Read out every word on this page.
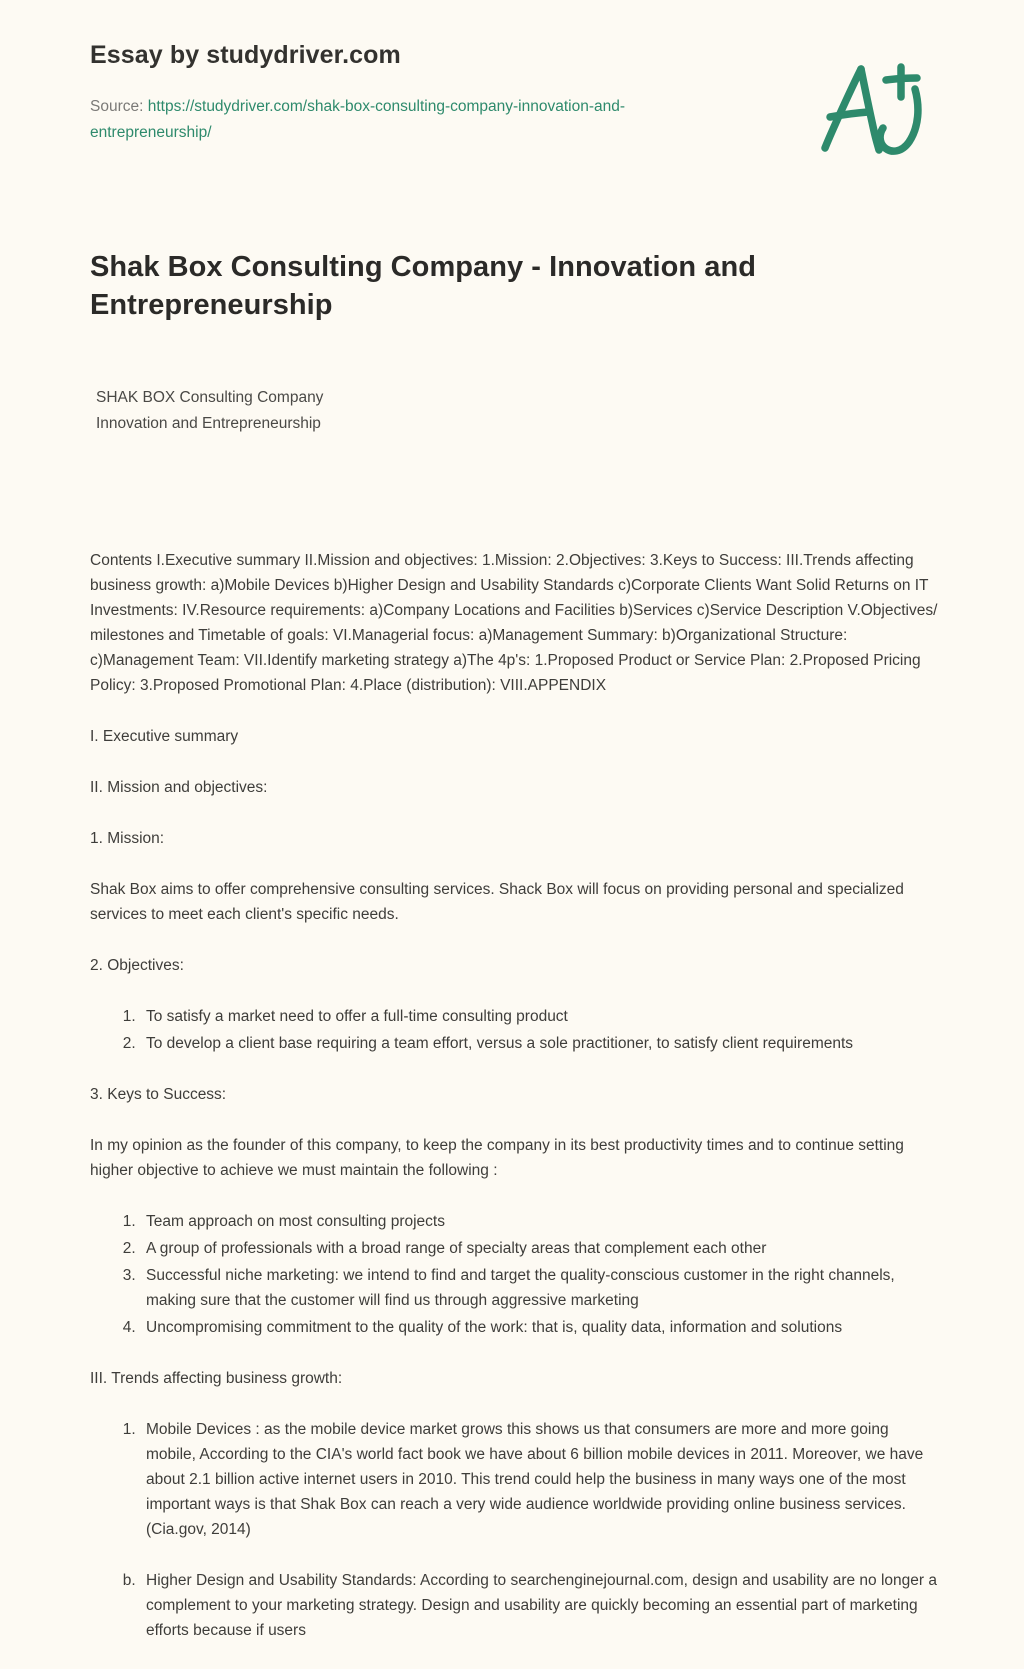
Essay by studydriver.com
Source: https://studydriver.com/shak-box-consulting-company-innovation-and-entrepreneurship/
Shak Box Consulting Company - Innovation and Entrepreneurship
SHAK BOX Consulting Company
Innovation and Entrepreneurship

Contents I.Executive summary II.Mission and objectives: 1.Mission: 2.Objectives: 3.Keys to Success: III.Trends affecting business growth: a)Mobile Devices b)Higher Design and Usability Standards c)Corporate Clients Want Solid Returns on IT Investments: IV.Resource requirements: a)Company Locations and Facilities b)Services c)Service Description V.Objectives/ milestones and Timetable of goals: VI.Managerial focus: a)Management Summary: b)Organizational Structure: c)Management Team: VII.Identify marketing strategy a)The 4p's: 1.Proposed Product or Service Plan: 2.Proposed Pricing Policy: 3.Proposed Promotional Plan: 4.Place (distribution): VIII.APPENDIX

I. Executive summary

II. Mission and objectives:

1. Mission:

Shak Box aims to offer comprehensive consulting services. Shack Box will focus on providing personal and specialized services to meet each client's specific needs.

2. Objectives:

1. To satisfy a market need to offer a full-time consulting product
2. To develop a client base requiring a team effort, versus a sole practitioner, to satisfy client requirements

3. Keys to Success:

In my opinion as the founder of this company, to keep the company in its best productivity times and to continue setting higher objective to achieve we must maintain the following :

1. Team approach on most consulting projects
2. A group of professionals with a broad range of specialty areas that complement each other
3. Successful niche marketing: we intend to find and target the quality-conscious customer in the right channels, making sure that the customer will find us through aggressive marketing
4. Uncompromising commitment to the quality of the work: that is, quality data, information and solutions

III. Trends affecting business growth:

1. Mobile Devices : as the mobile device market grows this shows us that consumers are more and more going mobile, According to the CIA's world fact book we have about 6 billion mobile devices in 2011. Moreover, we have about 2.1 billion active internet users in 2010. This trend could help the business in many ways one of the most important ways is that Shak Box can reach a very wide audience worldwide providing online business services. (Cia.gov, 2014)
b. Higher Design and Usability Standards: According to searchenginejournal.com, design and usability are no longer a complement to your marketing strategy. Design and usability are quickly becoming an essential part of marketing efforts because if users
